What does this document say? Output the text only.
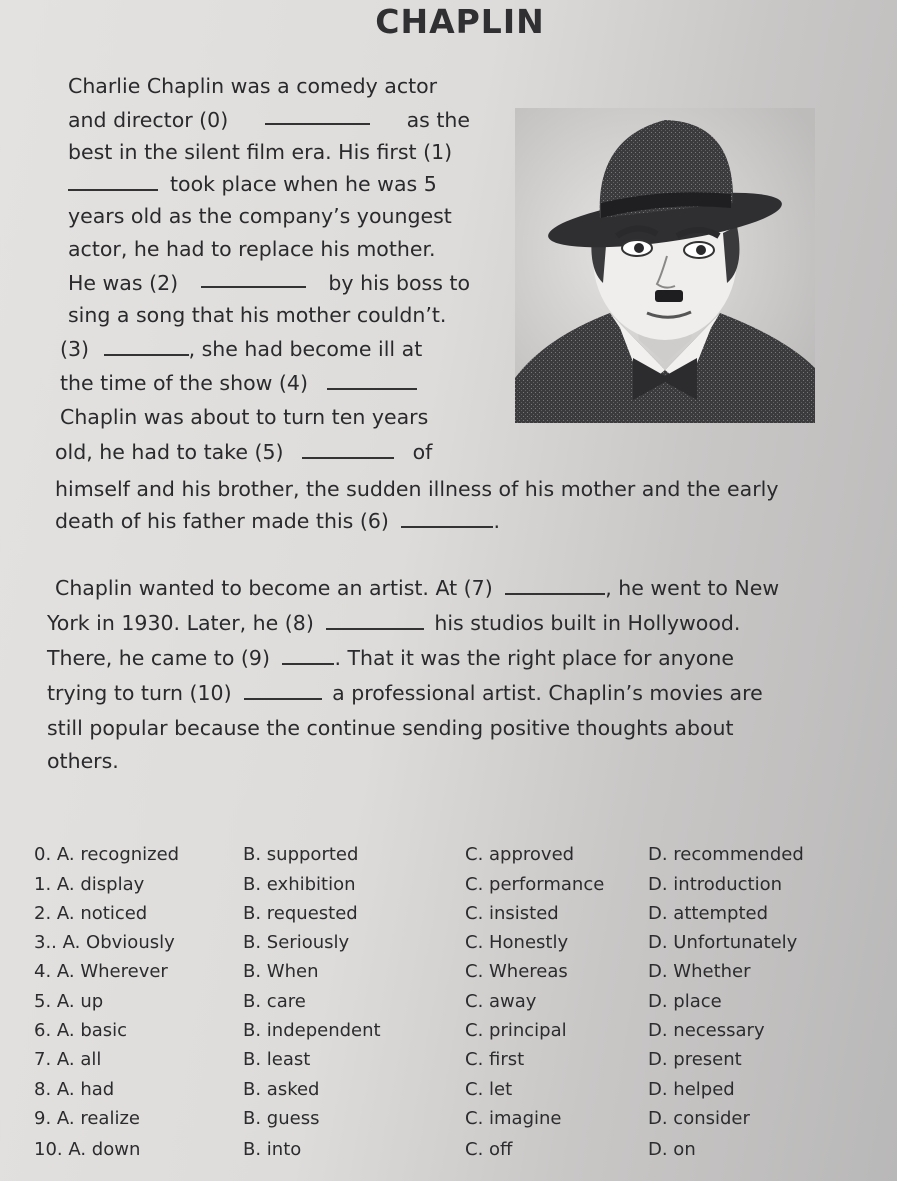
CHAPLIN
Charlie Chaplin was a comedy actor
and director (0)	as the
best in the silent film era. His first (1)
took place when he was 5
years old as the company’s youngest
actor, he had to replace his mother.
He was (2)	by his boss to
sing a song that his mother couldn’t.
(3)	, she had become ill at
the time of the show (4)
Chaplin was about to turn ten years
old, he had to take (5)	of
himself and his brother, the sudden illness of his mother and the early
death of his father made this (6)	.
Chaplin wanted to become an artist. At (7)	, he went to New
York in 1930. Later, he (8)	his studios built in Hollywood.
There, he came to (9)	. That it was the right place for anyone
trying to turn (10)	a professional artist. Chaplin’s movies are
still popular because the continue sending positive thoughts about
others.
0. A. recognized	B. supported	C. approved	D. recommended
1. A. display	B. exhibition	C. performance D. introduction
2. A. noticed	B. requested	C. insisted	D. attempted
3.. A. Obviously	B. Seriously	C. Honestly	D. Unfortunately
4. A. Wherever	B. When	C. Whereas	D. Whether
5. A. up	B. care	C. away	D. place
6. A. basic	B. independent	C. principal	D. necessary
7. A. all	B. least	C. first	D. present
8. A. had	B. asked	C. let	D. helped
9. A. realize	B. guess	C. imagine	D. consider
10. A. down	B. into	C. off	D. on
